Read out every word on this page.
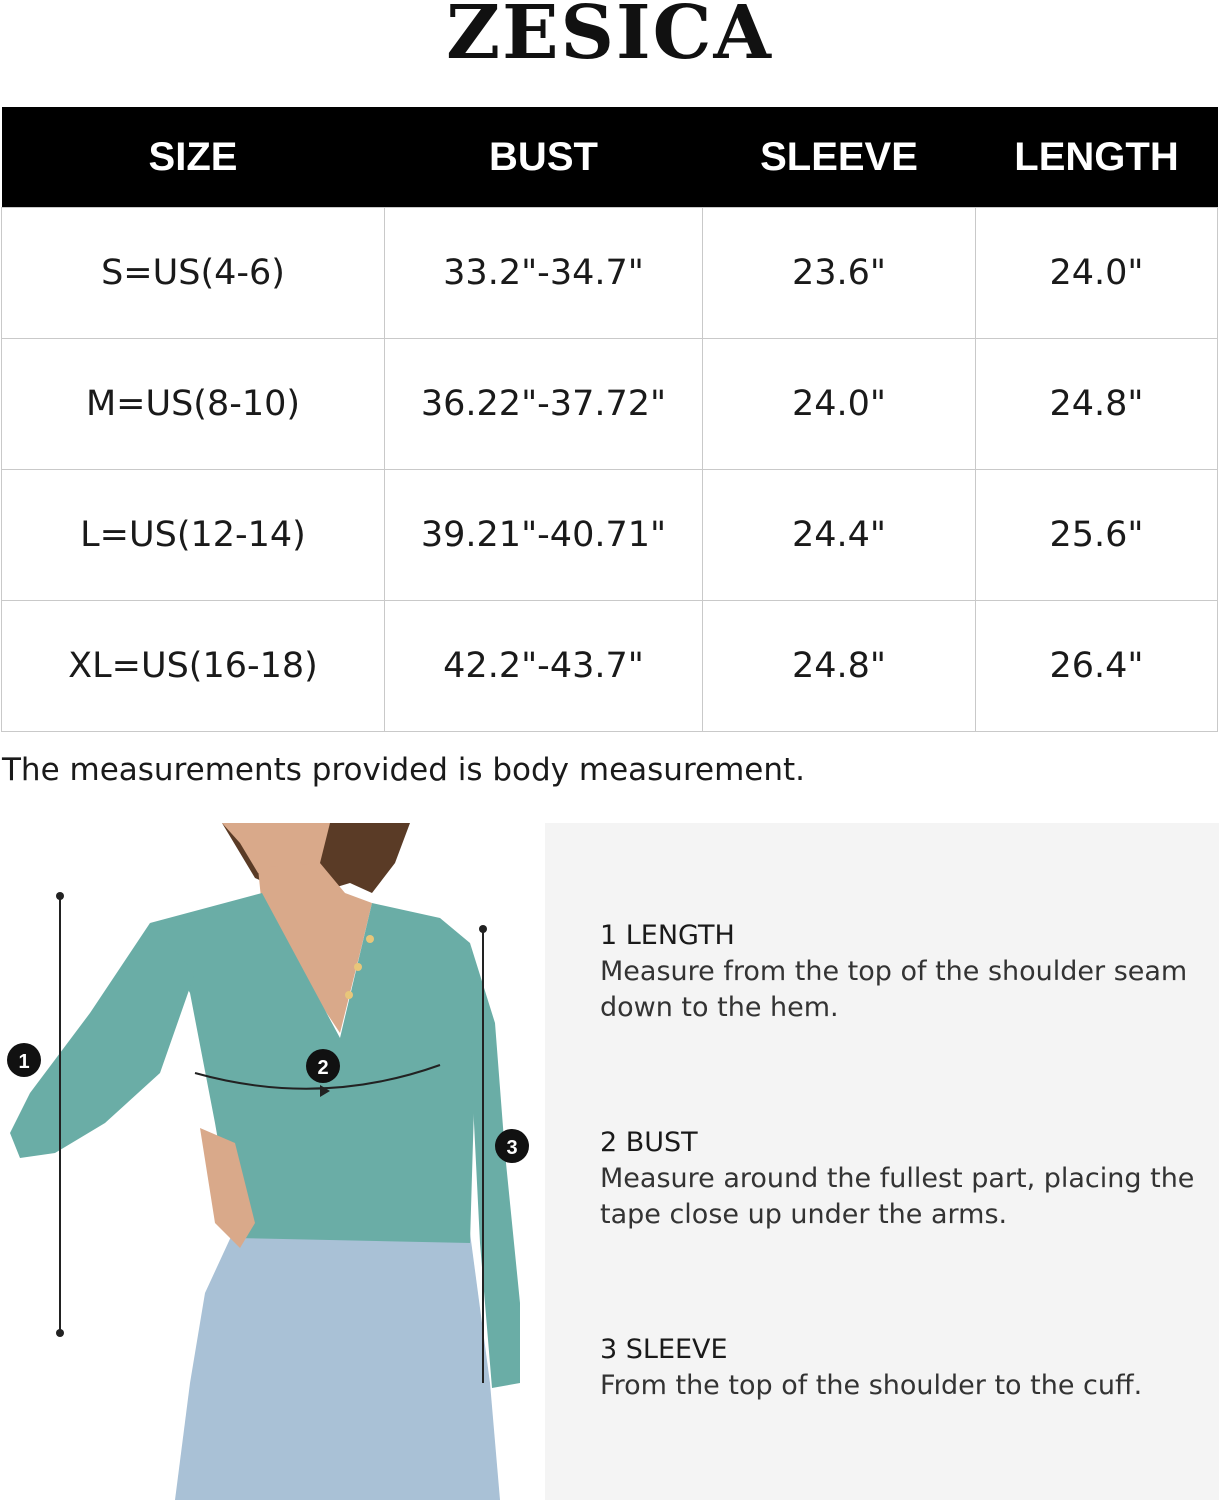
ZESICA
SIZE	BUST	SLEEVE	LENGTH
S=US(4-6)	33.2"-34.7"	23.6"	24.0"
M=US(8-10)	36.22"-37.72"	24.0"	24.8"
L=US(12-14)	39.21"-40.71"	24.4"	25.6"
XL=US(16-18)	42.2"-43.7"	24.8"	26.4"
The measurements provided is body measurement.
1	2
3
1 LENGTH
Measure from the top of the shoulder seam down to the hem.
2 BUST
Measure around the fullest part, placing the tape close up under the arms.
3 SLEEVE
From the top of the shoulder to the cuff.
